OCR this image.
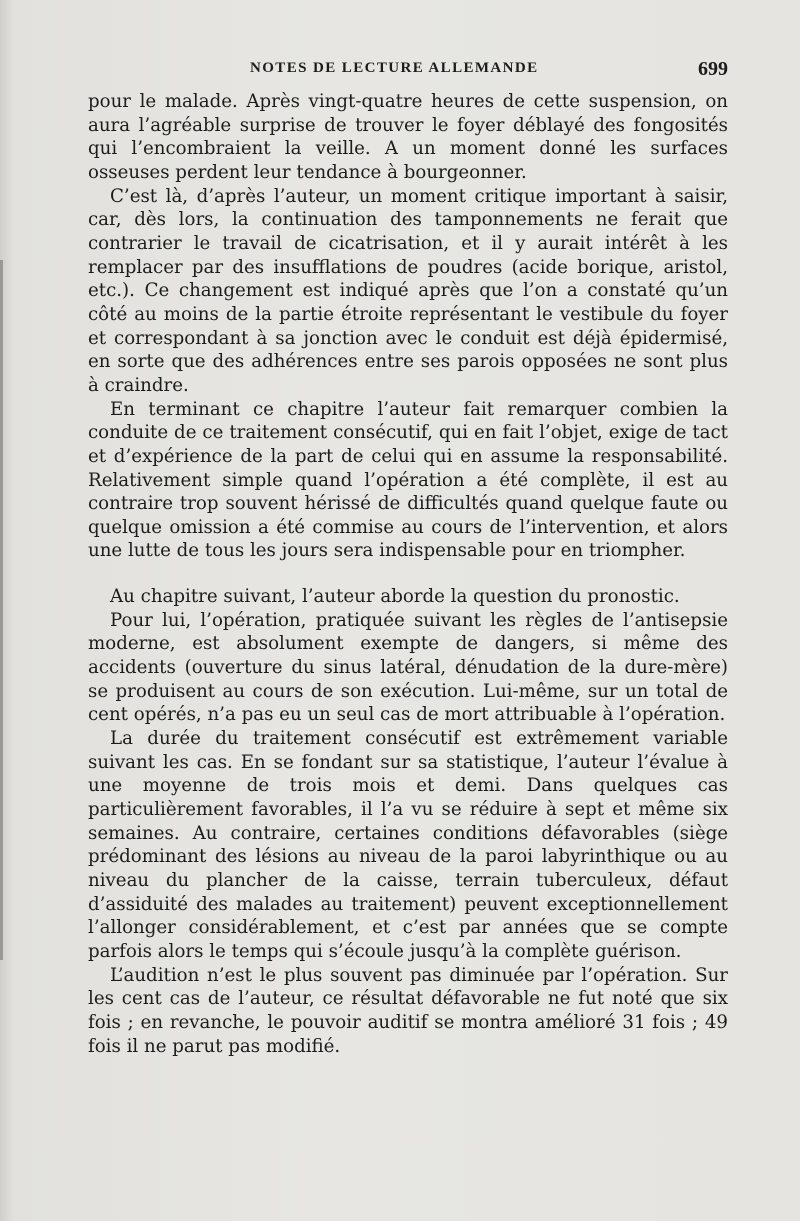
NOTES DE LECTURE ALLEMANDE	699

pour le malade. Après vingt-quatre heures de cette suspension, on aura l’agréable surprise de trouver le foyer déblayé des fongosités qui l’encombraient la veille. A un moment donné les surfaces osseuses perdent leur tendance à bourgeonner.

C’est là, d’après l’auteur, un moment critique important à saisir, car, dès lors, la continuation des tamponnements ne ferait que contrarier le travail de cicatrisation, et il y aurait intérêt à les remplacer par des insufflations de poudres (acide borique, aristol, etc.). Ce changement est indiqué après que l’on a constaté qu’un côté au moins de la partie étroite représentant le vestibule du foyer et correspondant à sa jonction avec le conduit est déjà épidermisé, en sorte que des adhérences entre ses parois opposées ne sont plus à craindre.

En terminant ce chapitre l’auteur fait remarquer combien la conduite de ce traitement consécutif, qui en fait l’objet, exige de tact et d’expérience de la part de celui qui en assume la responsabilité. Relativement simple quand l’opération a été complète, il est au contraire trop souvent hérissé de difficultés quand quelque faute ou quelque omission a été commise au cours de l’intervention, et alors une lutte de tous les jours sera indispensable pour en triompher.

Au chapitre suivant, l’auteur aborde la question du pronostic.

Pour lui, l’opération, pratiquée suivant les règles de l’antisepsie moderne, est absolument exempte de dangers, si même des accidents (ouverture du sinus latéral, dénudation de la dure-mère) se produisent au cours de son exécution. Lui-même, sur un total de cent opérés, n’a pas eu un seul cas de mort attribuable à l’opération.

La durée du traitement consécutif est extrêmement variable suivant les cas. En se fondant sur sa statistique, l’auteur l’évalue à une moyenne de trois mois et demi. Dans quelques cas particulièrement favorables, il l’a vu se réduire à sept et même six semaines. Au contraire, certaines conditions défavorables (siège prédominant des lésions au niveau de la paroi labyrinthique ou au niveau du plancher de la caisse, terrain tuberculeux, défaut d’assiduité des malades au traitement) peuvent exceptionnellement l’allonger considérablement, et c’est par années que se compte parfois alors le temps qui s’écoule jusqu’à la complète guérison.

L’audition n’est le plus souvent pas diminuée par l’opération. Sur les cent cas de l’auteur, ce résultat défavorable ne fut noté que six fois ; en revanche, le pouvoir auditif se montra amélioré 31 fois ; 49 fois il ne parut pas modifié.
